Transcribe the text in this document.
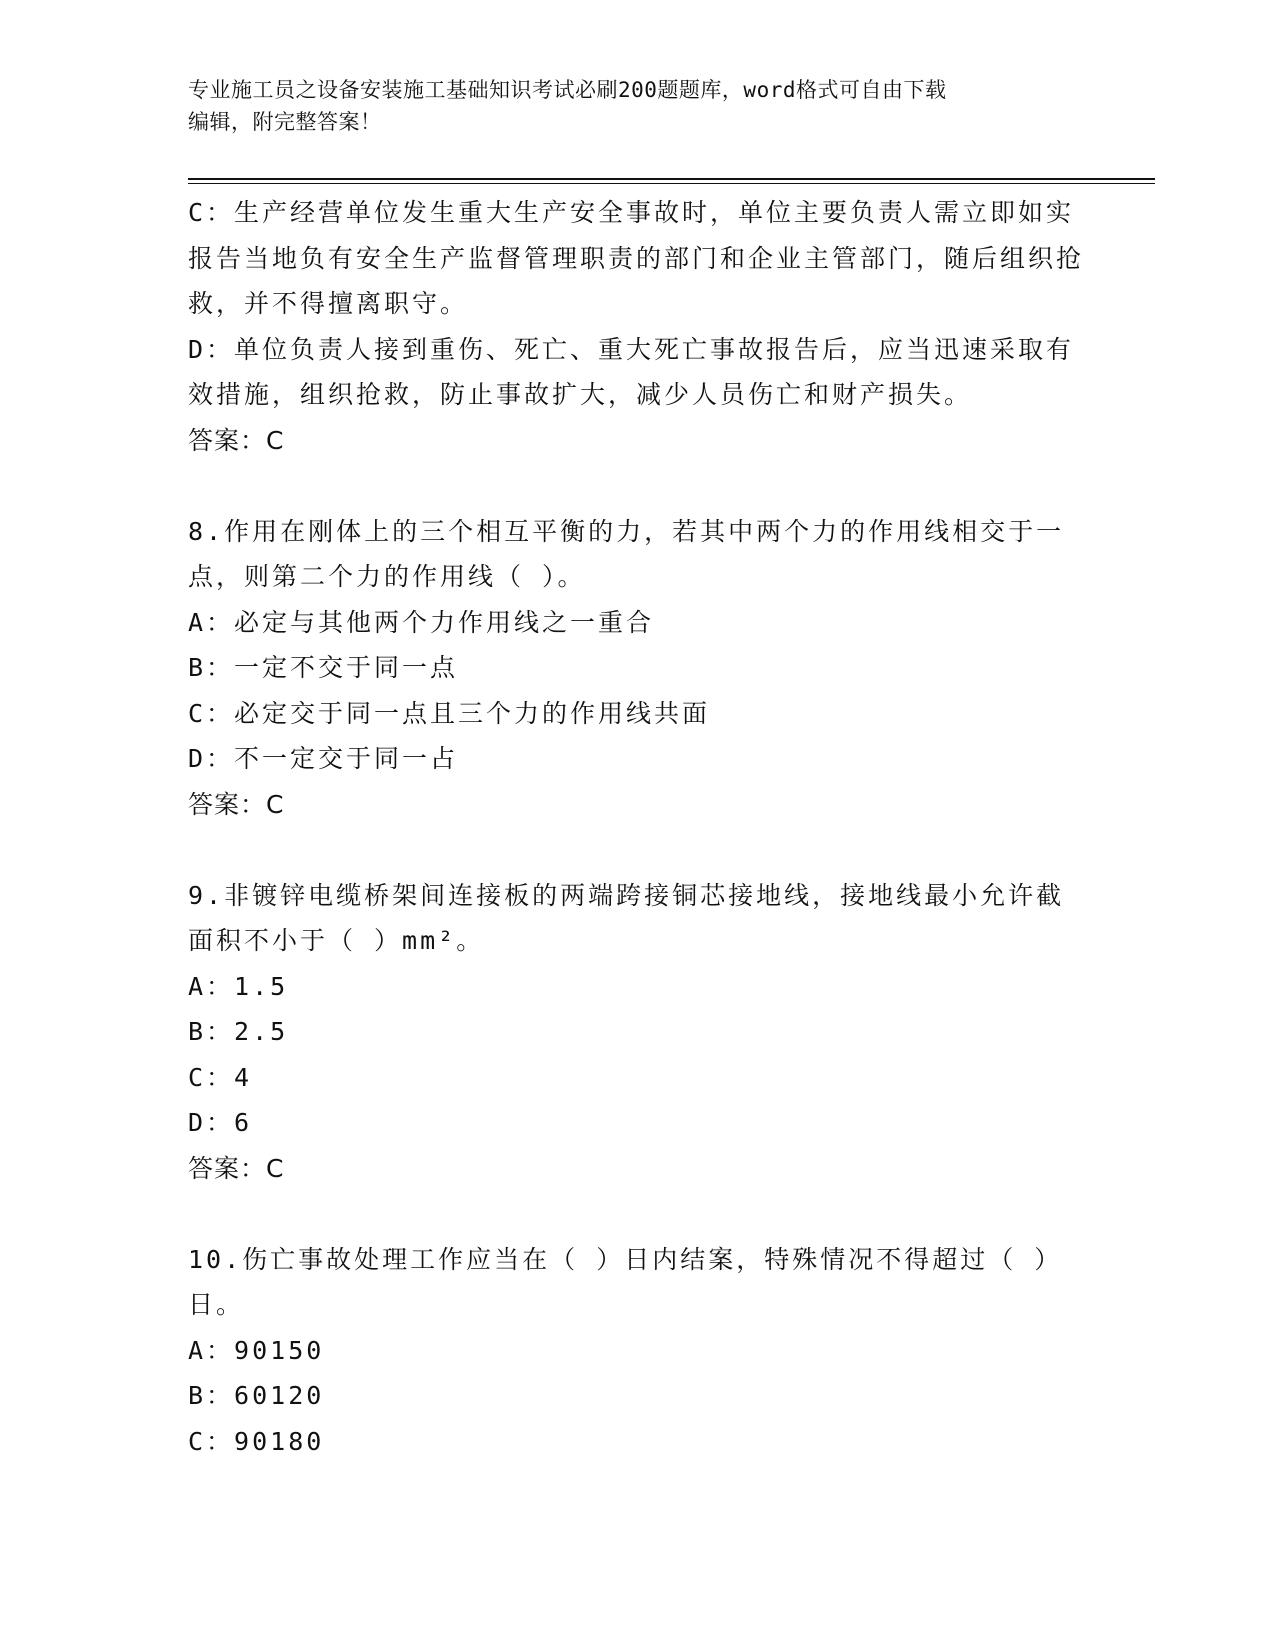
专业施工员之设备安装施工基础知识考试必刷200题题库，word格式可自由下载
编辑，附完整答案！

C：生产经营单位发生重大生产安全事故时，单位主要负责人需立即如实报告当地负有安全生产监督管理职责的部门和企业主管部门，随后组织抢救，并不得擅离职守。

D：单位负责人接到重伤、死亡、重大死亡事故报告后，应当迅速采取有效措施，组织抢救，防止事故扩大，减少人员伤亡和财产损失。

答案：C

8.作用在刚体上的三个相互平衡的力，若其中两个力的作用线相交于一点，则第二个力的作用线（ ）。

A：必定与其他两个力作用线之一重合

B：一定不交于同一点

C：必定交于同一点且三个力的作用线共面

D：不一定交于同一占

答案：C

9.非镀锌电缆桥架间连接板的两端跨接铜芯接地线，接地线最小允许截面积不小于（ ）mm²。

A：1.5

B：2.5

C：4

D：6

答案：C

10.伤亡事故处理工作应当在（ ）日内结案，特殊情况不得超过（ ）日。

A：90150

B：60120

C：90180
